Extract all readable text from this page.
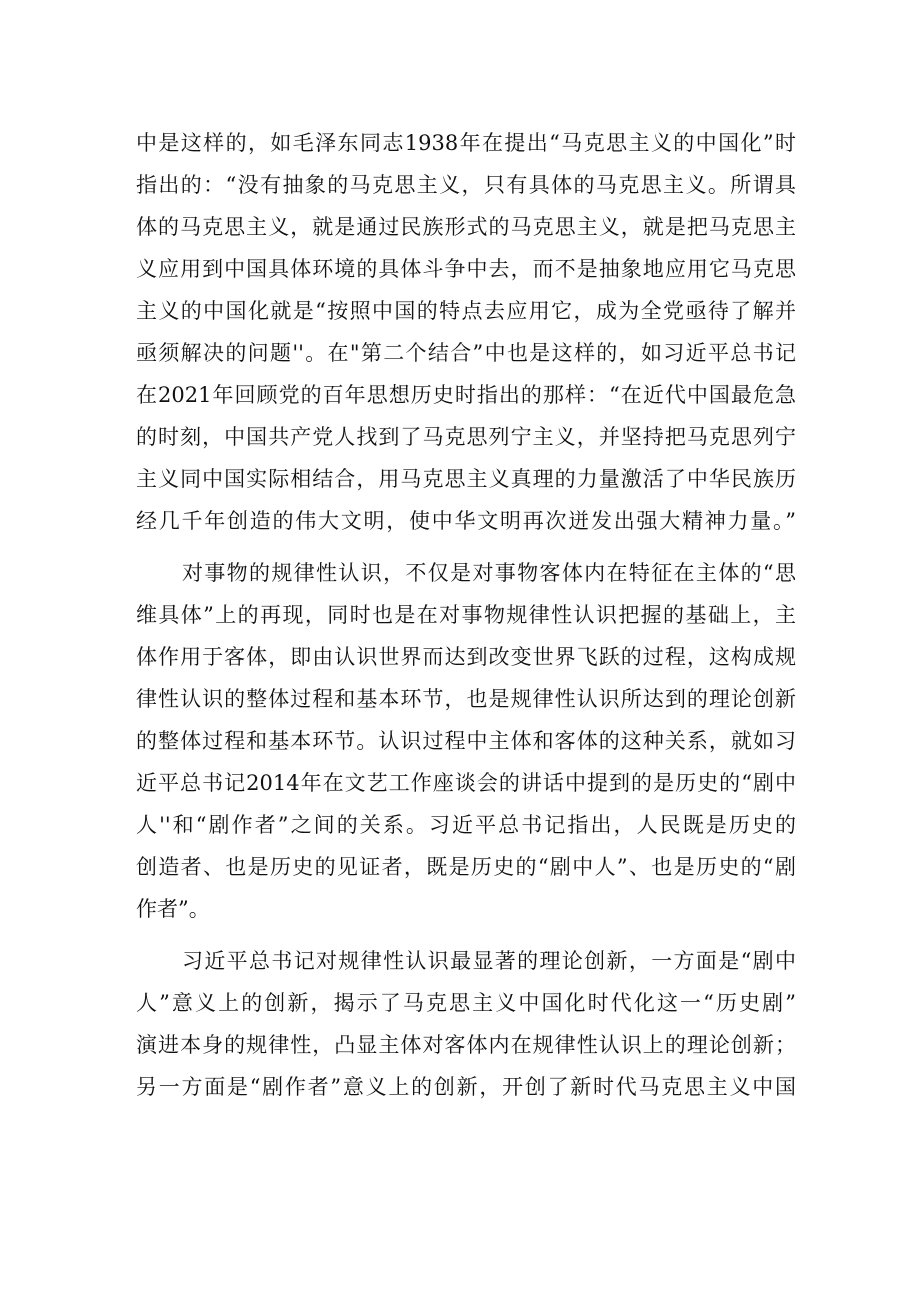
中是这样的，如毛泽东同志1938年在提出“马克思主义的中国化”时
指出的：“没有抽象的马克思主义，只有具体的马克思主义。所谓具
体的马克思主义，就是通过民族形式的马克思主义，就是把马克思主
义应用到中国具体环境的具体斗争中去，而不是抽象地应用它马克思
主义的中国化就是“按照中国的特点去应用它，成为全党亟待了解并
亟须解决的问题''。在"第二个结合”中也是这样的，如习近平总书记
在2021年回顾党的百年思想历史时指出的那样：“在近代中国最危急
的时刻，中国共产党人找到了马克思列宁主义，并坚持把马克思列宁
主义同中国实际相结合，用马克思主义真理的力量激活了中华民族历
经几千年创造的伟大文明，使中华文明再次迸发出强大精神力量。”
对事物的规律性认识，不仅是对事物客体内在特征在主体的“思
维具体”上的再现，同时也是在对事物规律性认识把握的基础上，主
体作用于客体，即由认识世界而达到改变世界飞跃的过程，这构成规
律性认识的整体过程和基本环节，也是规律性认识所达到的理论创新
的整体过程和基本环节。认识过程中主体和客体的这种关系，就如习
近平总书记2014年在文艺工作座谈会的讲话中提到的是历史的“剧中
人''和“剧作者”之间的关系。习近平总书记指出，人民既是历史的
创造者、也是历史的见证者，既是历史的“剧中人”、也是历史的“剧
作者”。
习近平总书记对规律性认识最显著的理论创新，一方面是“剧中
人”意义上的创新，揭示了马克思主义中国化时代化这一“历史剧”
演进本身的规律性，凸显主体对客体内在规律性认识上的理论创新；
另一方面是“剧作者”意义上的创新，开创了新时代马克思主义中国
